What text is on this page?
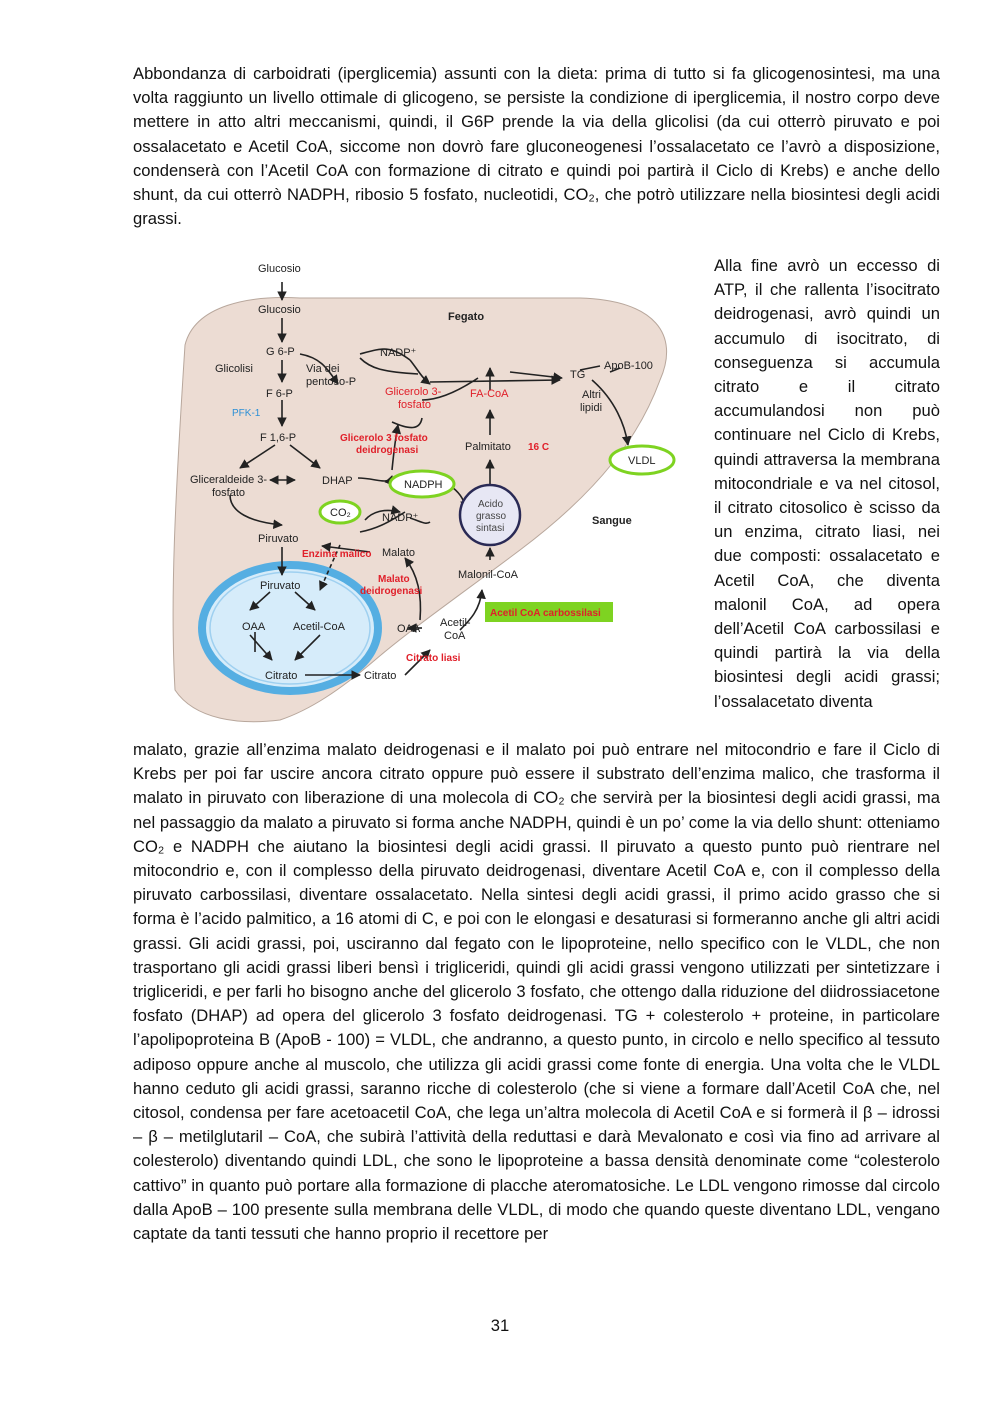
Abbondanza di carboidrati (iperglicemia) assunti con la dieta: prima di tutto si fa glicogenosintesi, ma una volta raggiunto un livello ottimale di glicogeno, se persiste la condizione di iperglicemia, il nostro corpo deve mettere in atto altri meccanismi, quindi, il G6P prende la via della glicolisi (da cui otterrò piruvato e poi ossalacetato e Acetil CoA, siccome non dovrò fare gluconeogenesi l’ossalacetato ce l’avrò a disposizione, condenserà con l’Acetil CoA con formazione di citrato e quindi poi partirà il Ciclo di Krebs) e anche dello shunt, da cui otterrò NADPH, ribosio 5 fosfato, nucleotidi, CO₂, che potrò utilizzare nella biosintesi degli acidi grassi.

Glucosio
Glucosio
Fegato
G 6-P
Glicolisi	Via dei
pentoso-P
NADP⁺
F 6-P
PFK-1
F 1,6-P
Glicerolo 3-
fosfato
Glicerolo 3 fosfato
deidrogenasi
FA-CoA
TG
ApoB-100
Altri
lipidi
VLDL
Palmitato 16 C
Gliceraldeide 3-
fosfato
DHAP	NADPH
CO₂	NADP⁺
Acido
grasso
sintasi
Sangue
Piruvato
Enzima malico Malato
Malato
deidrogenasi
Malonil-CoA
Piruvato
OAA	Acetil-CoA
Citrato
OAA Acetil-
CoA
Acetil CoA carbossilasi
Citrato liasi
Citrato

Alla fine avrò un eccesso di ATP, il che rallenta l’isocitrato deidrogenasi, avrò quindi un accumulo di isocitrato, di conseguenza si accumula citrato e il citrato accumulandosi non può continuare nel Ciclo di Krebs, quindi attraversa la membrana mitocondriale e va nel citosol, il citrato citosolico è scisso da un enzima, citrato liasi, nei due composti: ossalacetato e Acetil CoA, che diventa malonil CoA, ad opera dell’Acetil CoA carbossilasi e quindi partirà la via della biosintesi degli acidi grassi; l’ossalacetato diventa

malato, grazie all’enzima malato deidrogenasi e il malato poi può entrare nel mitocondrio e fare il Ciclo di Krebs per poi far uscire ancora citrato oppure può essere il substrato dell’enzima malico, che trasforma il malato in piruvato con liberazione di una molecola di CO₂ che servirà per la biosintesi degli acidi grassi, ma nel passaggio da malato a piruvato si forma anche NADPH, quindi è un po’ come la via dello shunt: otteniamo CO₂ e NADPH che aiutano la biosintesi degli acidi grassi. Il piruvato a questo punto può rientrare nel mitocondrio e, con il complesso della piruvato deidrogenasi, diventare Acetil CoA e, con il complesso della piruvato carbossilasi, diventare ossalacetato. Nella sintesi degli acidi grassi, il primo acido grasso che si forma è l’acido palmitico, a 16 atomi di C, e poi con le elongasi e desaturasi si formeranno anche gli altri acidi grassi. Gli acidi grassi, poi, usciranno dal fegato con le lipoproteine, nello specifico con le VLDL, che non trasportano gli acidi grassi liberi bensì i trigliceridi, quindi gli acidi grassi vengono utilizzati per sintetizzare i trigliceridi, e per farli ho bisogno anche del glicerolo 3 fosfato, che ottengo dalla riduzione del diidrossiacetone fosfato (DHAP) ad opera del glicerolo 3 fosfato deidrogenasi. TG + colesterolo + proteine, in particolare l’apolipoproteina B (ApoB - 100) = VLDL, che andranno, a questo punto, in circolo e nello specifico al tessuto adiposo oppure anche al muscolo, che utilizza gli acidi grassi come fonte di energia. Una volta che le VLDL hanno ceduto gli acidi grassi, saranno ricche di colesterolo (che si viene a formare dall’Acetil CoA che, nel citosol, condensa per fare acetoacetil CoA, che lega un’altra molecola di Acetil CoA e si formerà il β – idrossi – β – metilglutaril – CoA, che subirà l’attività della reduttasi e darà Mevalonato e così via fino ad arrivare al colesterolo) diventando quindi LDL, che sono le lipoproteine a bassa densità denominate come “colesterolo cattivo” in quanto può portare alla formazione di placche ateromatosiche. Le LDL vengono rimosse dal circolo dalla ApoB – 100 presente sulla membrana delle VLDL, di modo che quando queste diventano LDL, vengano captate da tanti tessuti che hanno proprio il recettore per

31
